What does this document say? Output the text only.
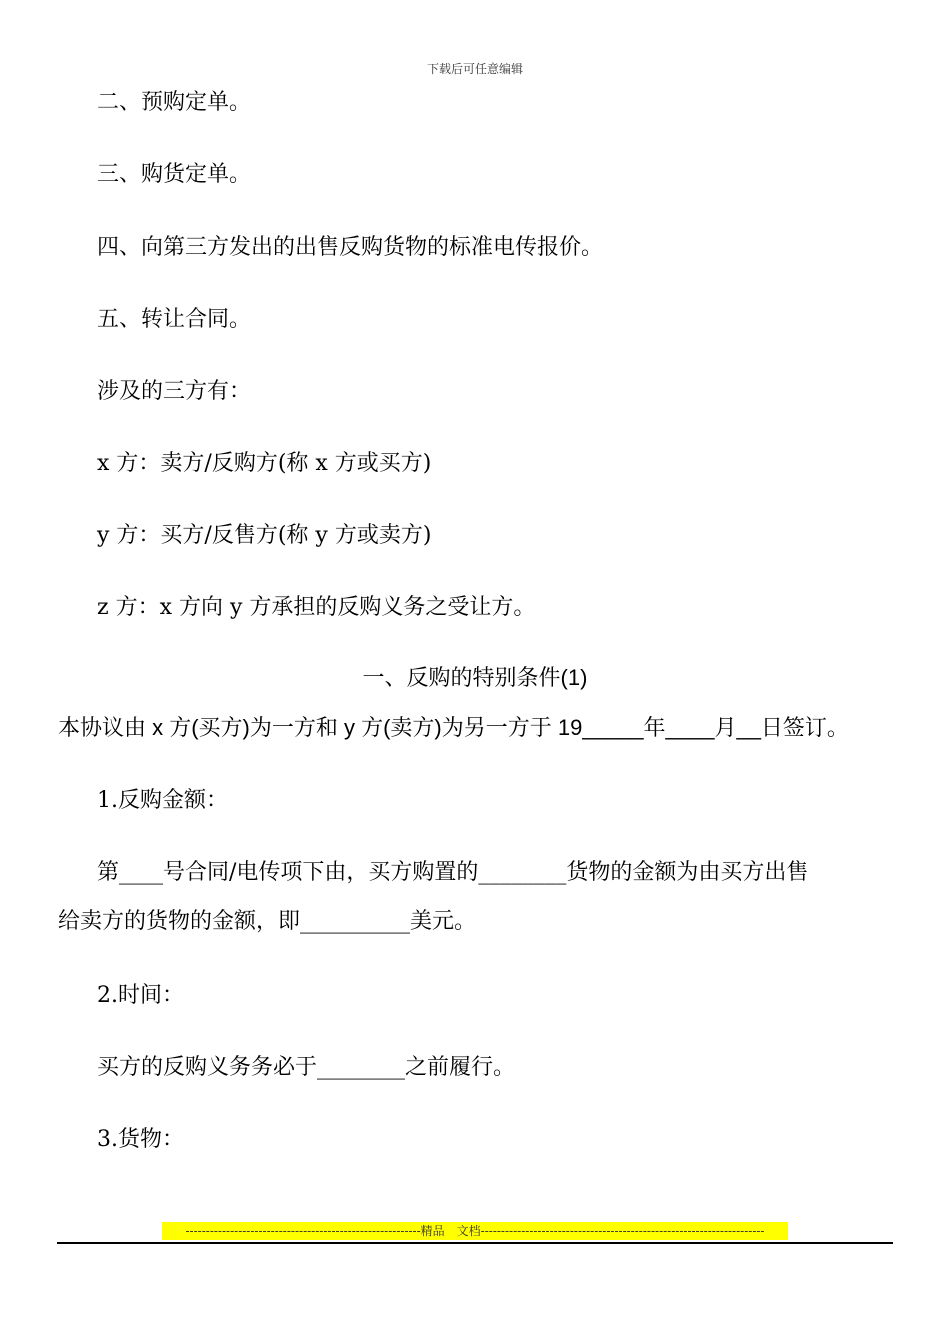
下载后可任意编辑
二、预购定单。
三、购货定单。
四、向第三方发出的出售反购货物的标准电传报价。
五、转让合同。
涉及的三方有：
x 方：卖方/反购方(称 x 方或买方)
y 方：买方/反售方(称 y 方或卖方)
z 方：x 方向 y 方承担的反购义务之受让方。
一、反购的特别条件(1)
本协议由 x 方(买方)为一方和 y 方(卖方)为另一方于 19_____年____月__日签订。
1.反购金额：
第____号合同/电传项下由，买方购置的________货物的金额为由买方出售
给卖方的货物的金额，即__________美元。
2.时间：
买方的反购义务务必于________之前履行。
3.货物：
----------------------------------------------------------精品　文档----------------------------------------------------------------------
